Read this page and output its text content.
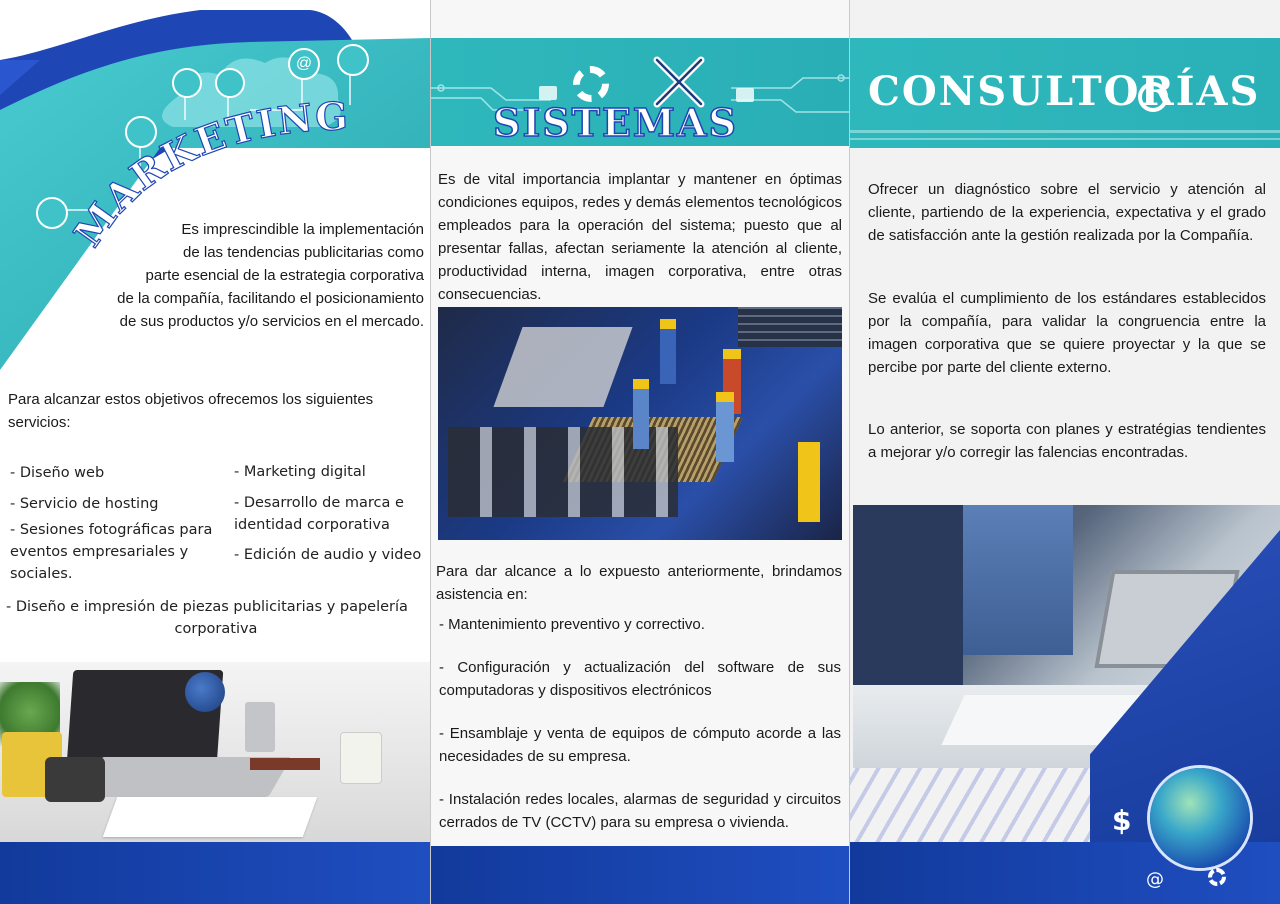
@
MARKETING
Es imprescindible la implementación
de las tendencias publicitarias como
parte esencial de la estrategia corporativa
de la compañía, facilitando el posicionamiento
de sus productos y/o servicios en el mercado.
Para alcanzar estos objetivos ofrecemos los siguientes
servicios:
- Diseño web
- Servicio de hosting
- Sesiones fotográficas para
eventos empresariales y
sociales.
- Marketing digital
- Desarrollo de marca e
identidad corporativa
- Edición de audio y video
- Diseño e impresión de piezas publicitarias y papelería
corporativa
SISTEMAS
Es de vital importancia implantar y mantener en óptimas condiciones equipos, redes y demás elementos tecnológicos empleados para la operación del sistema; puesto que al presentar fallas, afectan seriamente la atención al cliente, productividad interna, imagen corporativa, entre otras consecuencias.
Para dar alcance a lo expuesto anteriormente, brindamos asistencia en:
- Mantenimiento preventivo y correctivo.
- Configuración y actualización del software de sus computadoras y dispositivos electrónicos
- Ensamblaje y venta de equipos de cómputo acorde a las necesidades de su empresa.
- Instalación redes locales, alarmas de seguridad y circuitos cerrados de TV (CCTV) para su empresa o vivienda.
CONSULTORÍAS
Ofrecer un diagnóstico sobre el servicio y atención al cliente, partiendo de la experiencia, expectativa y el grado de satisfacción ante la gestión realizada por la Compañía.
Se evalúa el cumplimiento de los estándares establecidos por la compañía, para validar la congruencia entre la imagen corporativa que se quiere proyectar y la que se percibe por parte del cliente externo.
Lo anterior, se soporta con planes y estratégias tendientes a mejorar y/o corregir las falencias encontradas.
$
@
